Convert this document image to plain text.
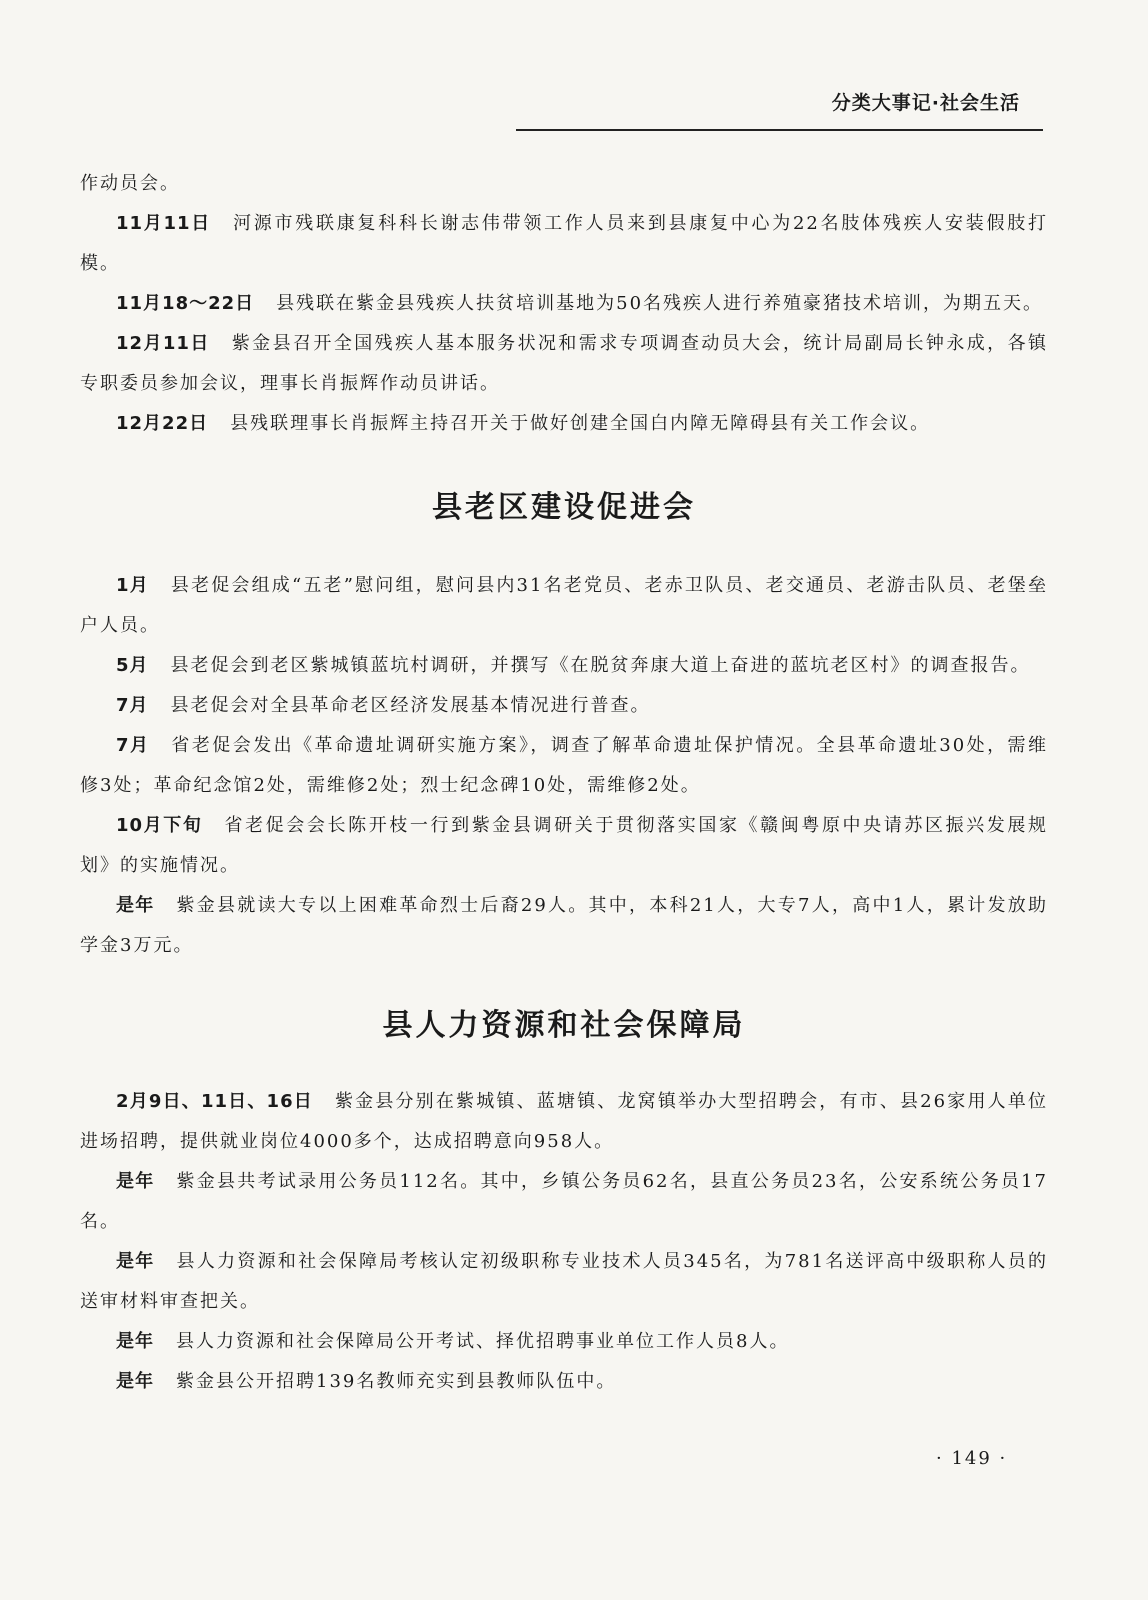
分类大事记·社会生活

作动员会。

11月11日 河源市残联康复科科长谢志伟带领工作人员来到县康复中心为22名肢体残疾人安装假肢打模。

11月18～22日 县残联在紫金县残疾人扶贫培训基地为50名残疾人进行养殖豪猪技术培训，为期五天。

12月11日 紫金县召开全国残疾人基本服务状况和需求专项调查动员大会，统计局副局长钟永成，各镇专职委员参加会议，理事长肖振辉作动员讲话。

12月22日 县残联理事长肖振辉主持召开关于做好创建全国白内障无障碍县有关工作会议。

县老区建设促进会

1月 县老促会组成“五老”慰问组，慰问县内31名老党员、老赤卫队员、老交通员、老游击队员、老堡垒户人员。

5月 县老促会到老区紫城镇蓝坑村调研，并撰写《在脱贫奔康大道上奋进的蓝坑老区村》的调查报告。

7月 县老促会对全县革命老区经济发展基本情况进行普查。

7月 省老促会发出《革命遗址调研实施方案》，调查了解革命遗址保护情况。全县革命遗址30处，需维修3处；革命纪念馆2处，需维修2处；烈士纪念碑10处，需维修2处。

10月下旬 省老促会会长陈开枝一行到紫金县调研关于贯彻落实国家《赣闽粤原中央请苏区振兴发展规划》的实施情况。

是年 紫金县就读大专以上困难革命烈士后裔29人。其中，本科21人，大专7人，高中1人，累计发放助学金3万元。

县人力资源和社会保障局

2月9日、11日、16日 紫金县分别在紫城镇、蓝塘镇、龙窝镇举办大型招聘会，有市、县26家用人单位进场招聘，提供就业岗位4000多个，达成招聘意向958人。

是年 紫金县共考试录用公务员112名。其中，乡镇公务员62名，县直公务员23名，公安系统公务员17名。

是年 县人力资源和社会保障局考核认定初级职称专业技术人员345名，为781名送评高中级职称人员的送审材料审查把关。

是年 县人力资源和社会保障局公开考试、择优招聘事业单位工作人员8人。

是年 紫金县公开招聘139名教师充实到县教师队伍中。

· 149 ·
